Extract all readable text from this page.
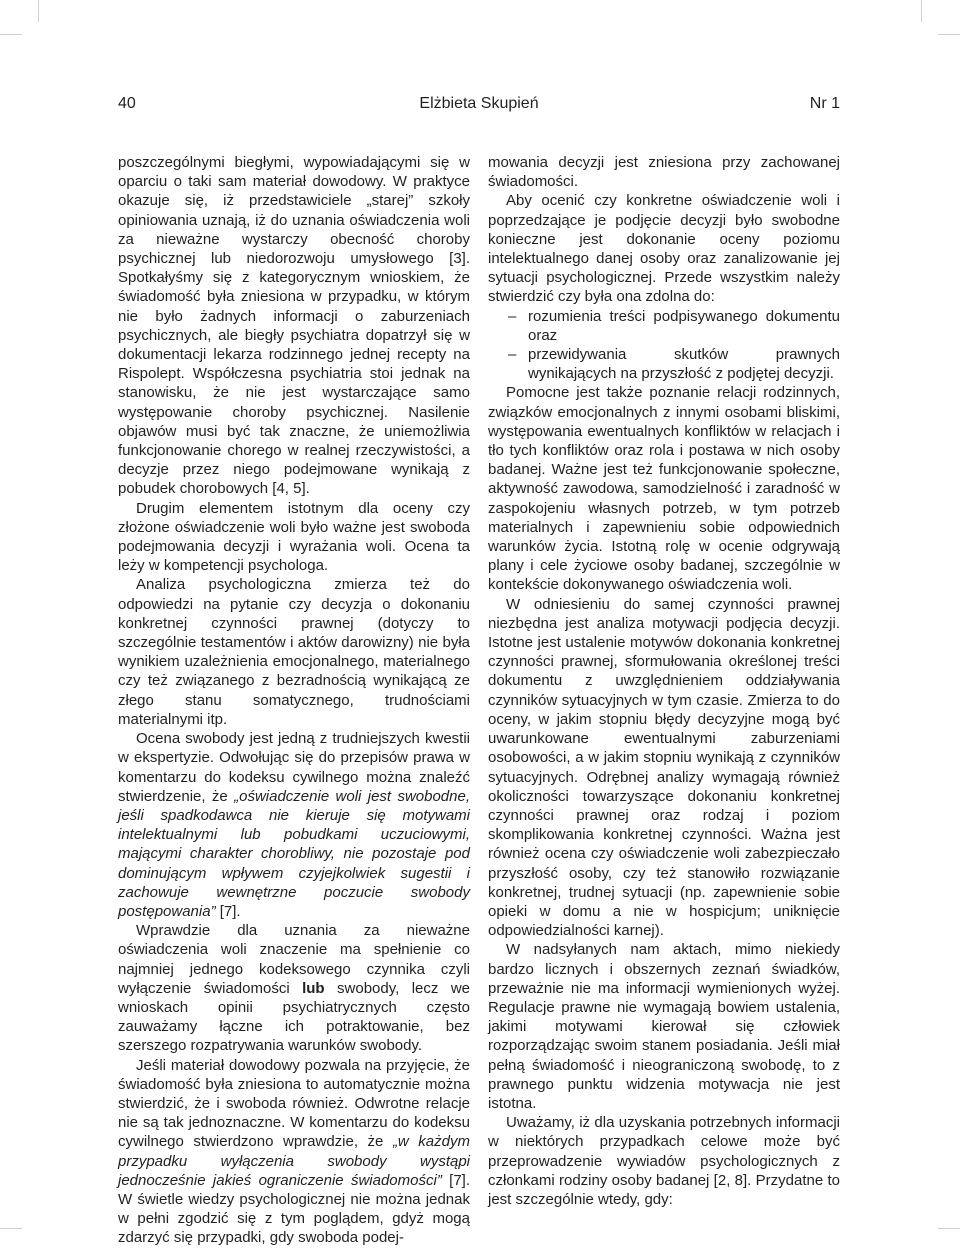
40	Elżbieta Skupień	Nr 1

poszczególnymi biegłymi, wypowiadającymi się w oparciu o taki sam materiał dowodowy. W praktyce okazuje się, iż przedstawiciele „starej” szkoły opiniowania uznają, iż do uznania oświadczenia woli za nieważne wystarczy obecność choroby psychicznej lub niedorozwoju umysłowego [3]. Spotkałyśmy się z kategorycznym wnioskiem, że świadomość była zniesiona w przypadku, w którym nie było żadnych informacji o zaburzeniach psychicznych, ale biegły psychiatra dopatrzył się w dokumentacji lekarza rodzinnego jednej recepty na Rispolept. Współczesna psychiatria stoi jednak na stanowisku, że nie jest wystarczające samo występowanie choroby psychicznej. Nasilenie objawów musi być tak znaczne, że uniemożliwia funkcjonowanie chorego w realnej rzeczywistości, a decyzje przez niego podejmowane wynikają z pobudek chorobowych [4, 5].

Drugim elementem istotnym dla oceny czy złożone oświadczenie woli było ważne jest swoboda podejmowania decyzji i wyrażania woli. Ocena ta leży w kompetencji psychologa.

Analiza psychologiczna zmierza też do odpowiedzi na pytanie czy decyzja o dokonaniu konkretnej czynności prawnej (dotyczy to szczególnie testamentów i aktów darowizny) nie była wynikiem uzależnienia emocjonalnego, materialnego czy też związanego z bezradnością wynikającą ze złego stanu somatycznego, trudnościami materialnymi itp.

Ocena swobody jest jedną z trudniejszych kwestii w ekspertyzie. Odwołując się do przepisów prawa w komentarzu do kodeksu cywilnego można znaleźć stwierdzenie, że „oświadczenie woli jest swobodne, jeśli spadkodawca nie kieruje się motywami intelektualnymi lub pobudkami uczuciowymi, mającymi charakter chorobliwy, nie pozostaje pod dominującym wpływem czyjejkolwiek sugestii i zachowuje wewnętrzne poczucie swobody postępowania” [7].

Wprawdzie dla uznania za nieważne oświadczenia woli znaczenie ma spełnienie co najmniej jednego kodeksowego czynnika czyli wyłączenie świadomości lub swobody, lecz we wnioskach opinii psychiatrycznych często zauważamy łączne ich potraktowanie, bez szerszego rozpatrywania warunków swobody.

Jeśli materiał dowodowy pozwala na przyjęcie, że świadomość była zniesiona to automatycznie można stwierdzić, że i swoboda również. Odwrotne relacje nie są tak jednoznaczne. W komentarzu do kodeksu cywilnego stwierdzono wprawdzie, że „w każdym przypadku wyłączenia swobody wystąpi jednocześnie jakieś ograniczenie świadomości” [7]. W świetle wiedzy psychologicznej nie można jednak w pełni zgodzić się z tym poglądem, gdyż mogą zdarzyć się przypadki, gdy swoboda podej-

mowania decyzji jest zniesiona przy zachowanej świadomości.

Aby ocenić czy konkretne oświadczenie woli i poprzedzające je podjęcie decyzji było swobodne konieczne jest dokonanie oceny poziomu intelektualnego danej osoby oraz zanalizowanie jej sytuacji psychologicznej. Przede wszystkim należy stwierdzić czy była ona zdolna do:

– rozumienia treści podpisywanego dokumentu oraz
– przewidywania skutków prawnych wynikających na przyszłość z podjętej decyzji.

Pomocne jest także poznanie relacji rodzinnych, związków emocjonalnych z innymi osobami bliskimi, występowania ewentualnych konfliktów w relacjach i tło tych konfliktów oraz rola i postawa w nich osoby badanej. Ważne jest też funkcjonowanie społeczne, aktywność zawodowa, samodzielność i zaradność w zaspokojeniu własnych potrzeb, w tym potrzeb materialnych i zapewnieniu sobie odpowiednich warunków życia. Istotną rolę w ocenie odgrywają plany i cele życiowe osoby badanej, szczególnie w kontekście dokonywanego oświadczenia woli.

W odniesieniu do samej czynności prawnej niezbędna jest analiza motywacji podjęcia decyzji. Istotne jest ustalenie motywów dokonania konkretnej czynności prawnej, sformułowania określonej treści dokumentu z uwzględnieniem oddziaływania czynników sytuacyjnych w tym czasie. Zmierza to do oceny, w jakim stopniu błędy decyzyjne mogą być uwarunkowane ewentualnymi zaburzeniami osobowości, a w jakim stopniu wynikają z czynników sytuacyjnych. Odrębnej analizy wymagają również okoliczności towarzyszące dokonaniu konkretnej czynności prawnej oraz rodzaj i poziom skomplikowania konkretnej czynności. Ważna jest również ocena czy oświadczenie woli zabezpieczało przyszłość osoby, czy też stanowiło rozwiązanie konkretnej, trudnej sytuacji (np. zapewnienie sobie opieki w domu a nie w hospicjum; uniknięcie odpowiedzialności karnej).

W nadsyłanych nam aktach, mimo niekiedy bardzo licznych i obszernych zeznań świadków, przeważnie nie ma informacji wymienionych wyżej. Regulacje prawne nie wymagają bowiem ustalenia, jakimi motywami kierował się człowiek rozporządzając swoim stanem posiadania. Jeśli miał pełną świadomość i nieograniczoną swobodę, to z prawnego punktu widzenia motywacja nie jest istotna.

Uważamy, iż dla uzyskania potrzebnych informacji w niektórych przypadkach celowe może być przeprowadzenie wywiadów psychologicznych z członkami rodziny osoby badanej [2, 8]. Przydatne to jest szczególnie wtedy, gdy:
